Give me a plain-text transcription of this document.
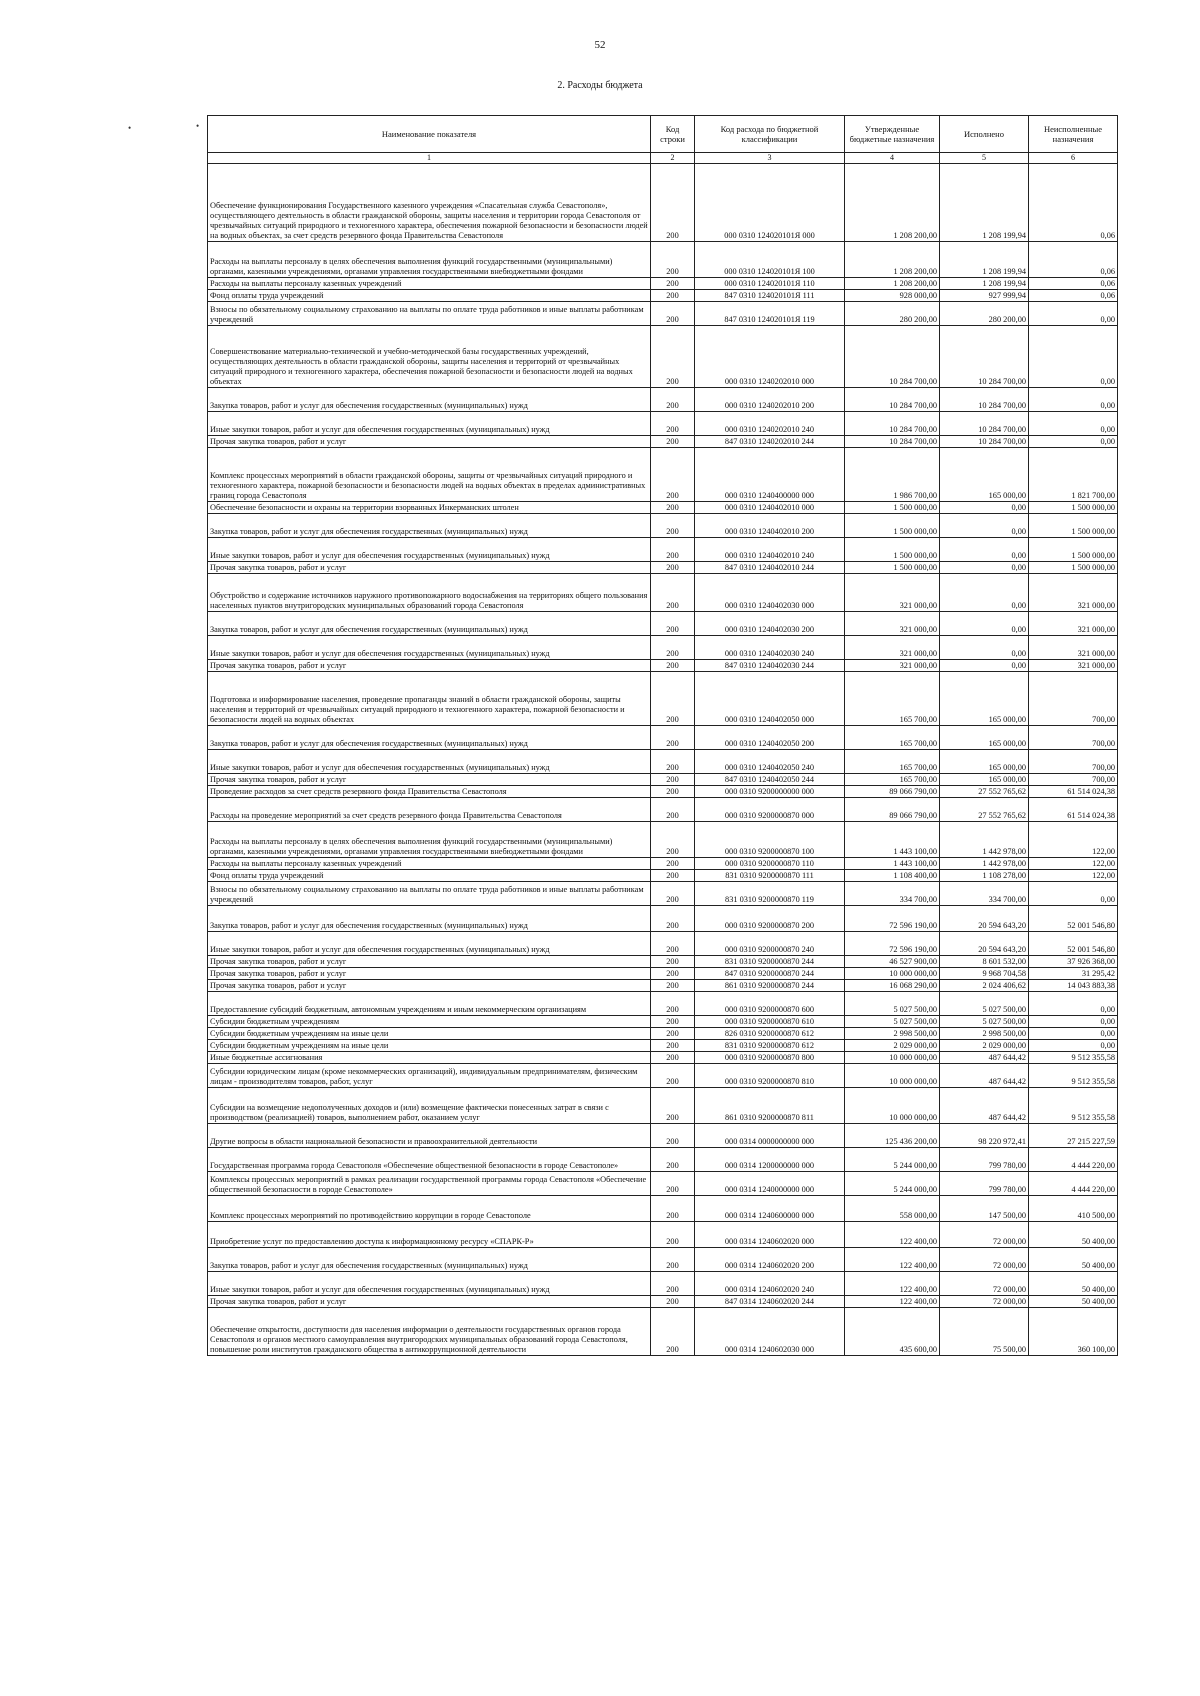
52
2. Расходы бюджета
•	•
Наименование показателя	Код строки	Код расхода по бюджетной классификации	Утвержденные бюджетные назначения	Исполнено	Неисполненные назначения
1	2	3	4	5	6
Обеспечение функционирования Государственного казенного учреждения «Спасательная служба Севастополя», осуществляющего деятельность в области гражданской обороны, защиты населения и территории города Севастополя от чрезвычайных ситуаций природного и техногенного характера, обеспечения пожарной безопасности и безопасности людей на водных объектах, за счет средств резервного фонда Правительства Севастополя	200	000 0310 124020101Я 000	1 208 200,00	1 208 199,94	0,06
Расходы на выплаты персоналу в целях обеспечения выполнения функций государственными (муниципальными) органами, казенными учреждениями, органами управления государственными внебюджетными фондами	200	000 0310 124020101Я 100	1 208 200,00	1 208 199,94	0,06
Расходы на выплаты персоналу казенных учреждений	200	000 0310 124020101Я 110	1 208 200,00	1 208 199,94	0,06
Фонд оплаты труда учреждений	200	847 0310 124020101Я 111	928 000,00	927 999,94	0,06
Взносы по обязательному социальному страхованию на выплаты по оплате труда работников и иные выплаты работникам учреждений	200	847 0310 124020101Я 119	280 200,00	280 200,00	0,00
Совершенствование материально-технической и учебно-методической базы государственных учреждений, осуществляющих деятельность в области гражданской обороны, защиты населения и территорий от чрезвычайных ситуаций природного и техногенного характера, обеспечения пожарной безопасности и безопасности людей на водных объектах	200	000 0310 1240202010 000	10 284 700,00	10 284 700,00	0,00
Закупка товаров, работ и услуг для обеспечения государственных (муниципальных) нужд	200	000 0310 1240202010 200	10 284 700,00	10 284 700,00	0,00
Иные закупки товаров, работ и услуг для обеспечения государственных (муниципальных) нужд	200	000 0310 1240202010 240	10 284 700,00	10 284 700,00	0,00
Прочая закупка товаров, работ и услуг	200	847 0310 1240202010 244	10 284 700,00	10 284 700,00	0,00
Комплекс процессных мероприятий в области гражданской обороны, защиты от чрезвычайных ситуаций природного и техногенного характера, пожарной безопасности и безопасности людей на водных объектах в пределах административных границ города Севастополя	200	000 0310 1240400000 000	1 986 700,00	165 000,00	1 821 700,00
Обеспечение безопасности и охраны на территории взорванных Инкерманских штолен	200	000 0310 1240402010 000	1 500 000,00	0,00	1 500 000,00
Закупка товаров, работ и услуг для обеспечения государственных (муниципальных) нужд	200	000 0310 1240402010 200	1 500 000,00	0,00	1 500 000,00
Иные закупки товаров, работ и услуг для обеспечения государственных (муниципальных) нужд	200	000 0310 1240402010 240	1 500 000,00	0,00	1 500 000,00
Прочая закупка товаров, работ и услуг	200	847 0310 1240402010 244	1 500 000,00	0,00	1 500 000,00
Обустройство и содержание источников наружного противопожарного водоснабжения на территориях общего пользования населенных пунктов внутригородских муниципальных образований города Севастополя	200	000 0310 1240402030 000	321 000,00	0,00	321 000,00
Закупка товаров, работ и услуг для обеспечения государственных (муниципальных) нужд	200	000 0310 1240402030 200	321 000,00	0,00	321 000,00
Иные закупки товаров, работ и услуг для обеспечения государственных (муниципальных) нужд	200	000 0310 1240402030 240	321 000,00	0,00	321 000,00
Прочая закупка товаров, работ и услуг	200	847 0310 1240402030 244	321 000,00	0,00	321 000,00
Подготовка и информирование населения, проведение пропаганды знаний в области гражданской обороны, защиты населения и территорий от чрезвычайных ситуаций природного и техногенного характера, пожарной безопасности и безопасности людей на водных объектах	200	000 0310 1240402050 000	165 700,00	165 000,00	700,00
Закупка товаров, работ и услуг для обеспечения государственных (муниципальных) нужд	200	000 0310 1240402050 200	165 700,00	165 000,00	700,00
Иные закупки товаров, работ и услуг для обеспечения государственных (муниципальных) нужд	200	000 0310 1240402050 240	165 700,00	165 000,00	700,00
Прочая закупка товаров, работ и услуг	200	847 0310 1240402050 244	165 700,00	165 000,00	700,00
Проведение расходов за счет средств резервного фонда Правительства Севастополя	200	000 0310 9200000000 000	89 066 790,00	27 552 765,62	61 514 024,38
Расходы на проведение мероприятий за счет средств резервного фонда Правительства Севастополя	200	000 0310 9200000870 000	89 066 790,00	27 552 765,62	61 514 024,38
Расходы на выплаты персоналу в целях обеспечения выполнения функций государственными (муниципальными) органами, казенными учреждениями, органами управления государственными внебюджетными фондами	200	000 0310 9200000870 100	1 443 100,00	1 442 978,00	122,00
Расходы на выплаты персоналу казенных учреждений	200	000 0310 9200000870 110	1 443 100,00	1 442 978,00	122,00
Фонд оплаты труда учреждений	200	831 0310 9200000870 111	1 108 400,00	1 108 278,00	122,00
Взносы по обязательному социальному страхованию на выплаты по оплате труда работников и иные выплаты работникам учреждений	200	831 0310 9200000870 119	334 700,00	334 700,00	0,00
Закупка товаров, работ и услуг для обеспечения государственных (муниципальных) нужд	200	000 0310 9200000870 200	72 596 190,00	20 594 643,20	52 001 546,80
Иные закупки товаров, работ и услуг для обеспечения государственных (муниципальных) нужд	200	000 0310 9200000870 240	72 596 190,00	20 594 643,20	52 001 546,80
Прочая закупка товаров, работ и услуг	200	831 0310 9200000870 244	46 527 900,00	8 601 532,00	37 926 368,00
Прочая закупка товаров, работ и услуг	200	847 0310 9200000870 244	10 000 000,00	9 968 704,58	31 295,42
Прочая закупка товаров, работ и услуг	200	861 0310 9200000870 244	16 068 290,00	2 024 406,62	14 043 883,38
Предоставление субсидий бюджетным, автономным учреждениям и иным некоммерческим организациям	200	000 0310 9200000870 600	5 027 500,00	5 027 500,00	0,00
Субсидии бюджетным учреждениям	200	000 0310 9200000870 610	5 027 500,00	5 027 500,00	0,00
Субсидии бюджетным учреждениям на иные цели	200	826 0310 9200000870 612	2 998 500,00	2 998 500,00	0,00
Субсидии бюджетным учреждениям на иные цели	200	831 0310 9200000870 612	2 029 000,00	2 029 000,00	0,00
Иные бюджетные ассигнования	200	000 0310 9200000870 800	10 000 000,00	487 644,42	9 512 355,58
Субсидии юридическим лицам (кроме некоммерческих организаций), индивидуальным предпринимателям, физическим лицам - производителям товаров, работ, услуг	200	000 0310 9200000870 810	10 000 000,00	487 644,42	9 512 355,58
Субсидии на возмещение недополученных доходов и (или) возмещение фактически понесенных затрат в связи с производством (реализацией) товаров, выполнением работ, оказанием услуг	200	861 0310 9200000870 811	10 000 000,00	487 644,42	9 512 355,58
Другие вопросы в области национальной безопасности и правоохранительной деятельности	200	000 0314 0000000000 000	125 436 200,00	98 220 972,41	27 215 227,59
Государственная программа города Севастополя «Обеспечение общественной безопасности в городе Севастополе»	200	000 0314 1200000000 000	5 244 000,00	799 780,00	4 444 220,00
Комплексы процессных мероприятий в рамках реализации государственной программы города Севастополя «Обеспечение общественной безопасности в городе Севастополе»	200	000 0314 1240000000 000	5 244 000,00	799 780,00	4 444 220,00
Комплекс процессных мероприятий по противодействию коррупции в городе Севастополе	200	000 0314 1240600000 000	558 000,00	147 500,00	410 500,00
Приобретение услуг по предоставлению доступа к информационному ресурсу «СПАРК-Р»	200	000 0314 1240602020 000	122 400,00	72 000,00	50 400,00
Закупка товаров, работ и услуг для обеспечения государственных (муниципальных) нужд	200	000 0314 1240602020 200	122 400,00	72 000,00	50 400,00
Иные закупки товаров, работ и услуг для обеспечения государственных (муниципальных) нужд	200	000 0314 1240602020 240	122 400,00	72 000,00	50 400,00
Прочая закупка товаров, работ и услуг	200	847 0314 1240602020 244	122 400,00	72 000,00	50 400,00
Обеспечение открытости, доступности для населения информации о деятельности государственных органов города Севастополя и органов местного самоуправления внутригородских муниципальных образований города Севастополя, повышение роли институтов гражданского общества в антикоррупционной деятельности	200	000 0314 1240602030 000	435 600,00	75 500,00	360 100,00
